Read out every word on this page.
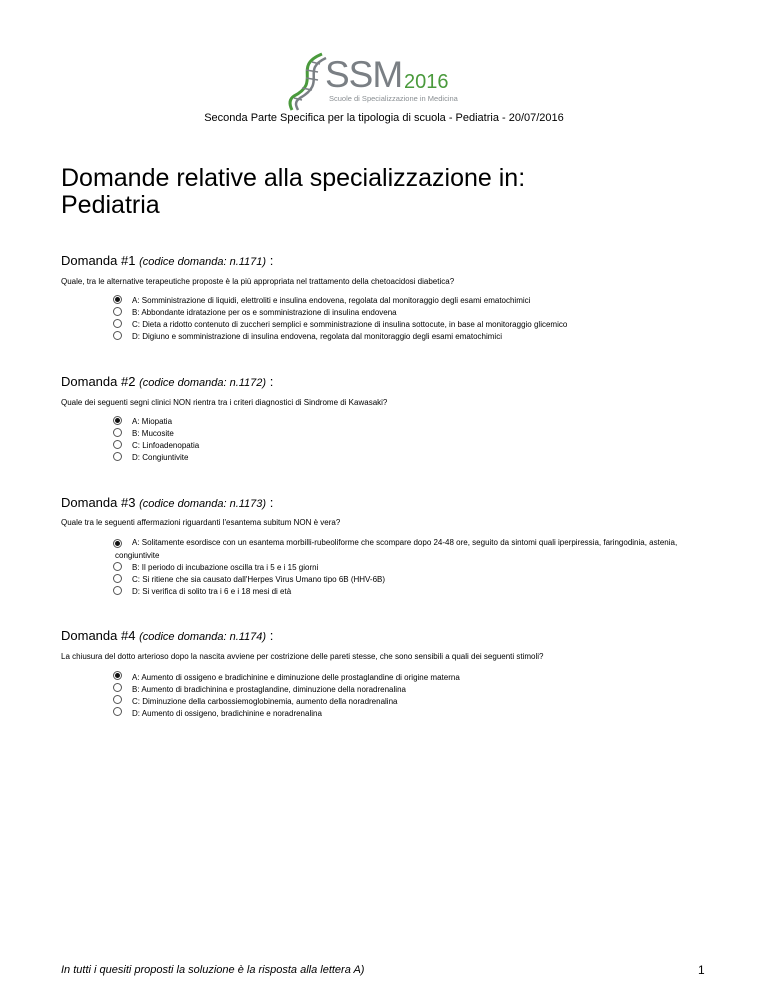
SSM 2016
Scuole di Specializzazione in Medicina
Seconda Parte Specifica per la tipologia di scuola - Pediatria - 20/07/2016
Domande relative alla specializzazione in:
Pediatria
Domanda #1 (codice domanda: n.1171) :
Quale, tra le alternative terapeutiche proposte è la più appropriata nel trattamento della chetoacidosi diabetica?
A: Somministrazione di liquidi, elettroliti e insulina endovena, regolata dal monitoraggio degli esami ematochimici
B: Abbondante idratazione per os e somministrazione di insulina endovena
C: Dieta a ridotto contenuto di zuccheri semplici e somministrazione di insulina sottocute, in base al monitoraggio glicemico
D: Digiuno e somministrazione di insulina endovena, regolata dal monitoraggio degli esami ematochimici
Domanda #2 (codice domanda: n.1172) :
Quale dei seguenti segni clinici NON rientra tra i criteri diagnostici di Sindrome di Kawasaki?
A: Miopatia
B: Mucosite
C: Linfoadenopatia
D: Congiuntivite
Domanda #3 (codice domanda: n.1173) :
Quale tra le seguenti affermazioni riguardanti l'esantema subitum NON è vera?
A: Solitamente esordisce con un esantema morbilli-rubeoliforme che scompare dopo 24-48 ore, seguito da sintomi quali iperpiressia, faringodinia, astenia, congiuntivite
B: Il periodo di incubazione oscilla tra i 5 e i 15 giorni
C: Si ritiene che sia causato dall'Herpes Virus Umano tipo 6B (HHV-6B)
D: Si verifica di solito tra i 6 e i 18 mesi di età
Domanda #4 (codice domanda: n.1174) :
La chiusura del dotto arterioso dopo la nascita avviene per costrizione delle pareti stesse, che sono sensibili a quali dei seguenti stimoli?
A: Aumento di ossigeno e bradichinine e diminuzione delle prostaglandine di origine materna
B: Aumento di bradichinina e prostaglandine, diminuzione della noradrenalina
C: Diminuzione della carbossiemoglobinemia, aumento della noradrenalina
D: Aumento di ossigeno, bradichinine e noradrenalina
In tutti i quesiti proposti la soluzione è la risposta alla lettera A)	1
